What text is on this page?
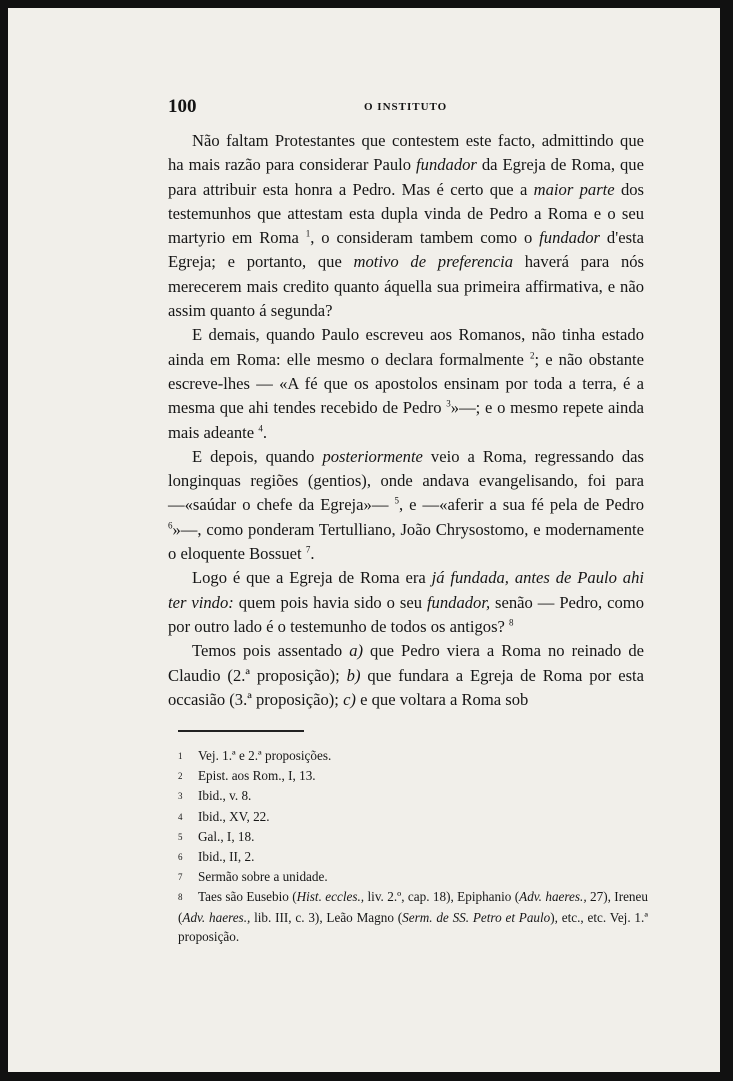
100	O INSTITUTO

Não faltam Protestantes que contestem este facto, admittindo que ha mais razão para considerar Paulo fundador da Egreja de Roma, que para attribuir esta honra a Pedro. Mas é certo que a maior parte dos testemunhos que attestam esta dupla vinda de Pedro a Roma e o seu martyrio em Roma $^1$, o consideram tambem como o fundador d'esta Egreja; e portanto, que motivo de preferencia haverá para nós merecerem mais credito quanto áquella sua primeira affirmativa, e não assim quanto á segunda?

E demais, quando Paulo escreveu aos Romanos, não tinha estado ainda em Roma: elle mesmo o declara formalmente $^2$; e não obstante escreve-lhes — «A fé que os apostolos ensinam por toda a terra, é a mesma que ahi tendes recebido de Pedro $^3$»—; e o mesmo repete ainda mais adeante $^4$.

E depois, quando posteriormente veio a Roma, regressando das longinquas regiões (gentios), onde andava evangelisando, foi para —«saúdar o chefe da Egreja»— $^5$, e —«aferir a sua fé pela de Pedro $^6$»—, como ponderam Tertulliano, João Chrysostomo, e modernamente o eloquente Bossuet $^7$.

Logo é que a Egreja de Roma era já fundada, antes de Paulo ahi ter vindo: quem pois havia sido o seu fundador, senão — Pedro, como por outro lado é o testemunho de todos os antigos? $^8$

Temos pois assentado a) que Pedro viera a Roma no reinado de Claudio (2.ª proposição); b) que fundara a Egreja de Roma por esta occasião (3.ª proposição); c) e que voltara a Roma sob

1	Vej. 1.ª e 2.ª proposições.
2	Epist. aos Rom., I, 13.
3	Ibid., v. 8.
4	Ibid., XV, 22.
5	Gal., I, 18.
6	Ibid., II, 2.
7	Sermão sobre a unidade.
8 Taes são Eusebio (Hist. eccles., liv. 2.º, cap. 18), Epiphanio (Adv. haeres., 27), Ireneu (Adv. haeres., lib. III, c. 3), Leão Magno (Serm. de SS. Petro et Paulo), etc., etc. Vej. 1.ª proposição.
